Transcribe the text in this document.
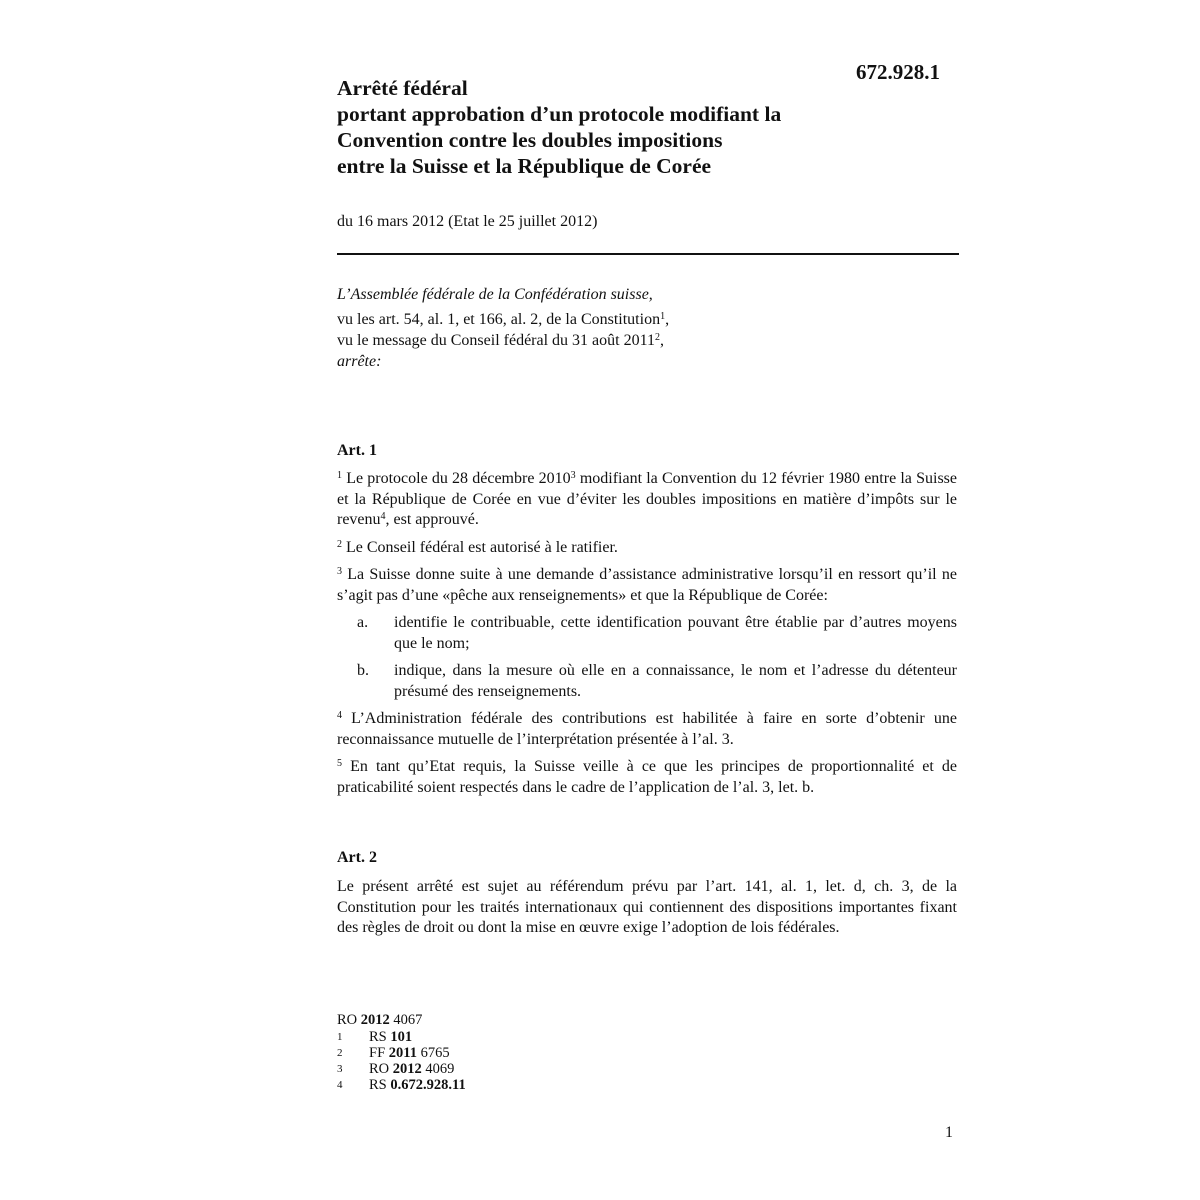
672.928.1
Arrêté fédéral
portant approbation d’un protocole modifiant la
Convention contre les doubles impositions
entre la Suisse et la République de Corée
du 16 mars 2012 (Etat le 25 juillet 2012)
L’Assemblée fédérale de la Confédération suisse,
vu les art. 54, al. 1, et 166, al. 2, de la Constitution$^1$,
vu le message du Conseil fédéral du 31 août 2011$^2$,
arrête:
Art. 1

$^1$ Le protocole du 28 décembre 2010$^3$ modifiant la Convention du 12 février 1980 entre la Suisse et la République de Corée en vue d’éviter les doubles impositions en matière d’impôts sur le revenu$^4$, est approuvé.

$^2$ Le Conseil fédéral est autorisé à le ratifier.

$^3$ La Suisse donne suite à une demande d’assistance administrative lorsqu’il en ressort qu’il ne s’agit pas d’une «pêche aux renseignements» et que la République de Corée:

a.	identifie le contribuable, cette identification pouvant être établie par d’autres moyens que le nom;
b.	indique, dans la mesure où elle en a connaissance, le nom et l’adresse du détenteur présumé des renseignements.

$^4$ L’Administration fédérale des contributions est habilitée à faire en sorte d’obtenir une reconnaissance mutuelle de l’interprétation présentée à l’al. 3.

$^5$ En tant qu’Etat requis, la Suisse veille à ce que les principes de proportionnalité et de praticabilité soient respectés dans le cadre de l’application de l’al. 3, let. b.

Art. 2

Le présent arrêté est sujet au référendum prévu par l’art. 141, al. 1, let. d, ch. 3, de la Constitution pour les traités internationaux qui contiennent des dispositions importantes fixant des règles de droit ou dont la mise en œuvre exige l’adoption de lois fédérales.

RO 2012 4067
1	RS 101
2	FF 2011 6765
3	RO 2012 4069
4	RS 0.672.928.11
1
